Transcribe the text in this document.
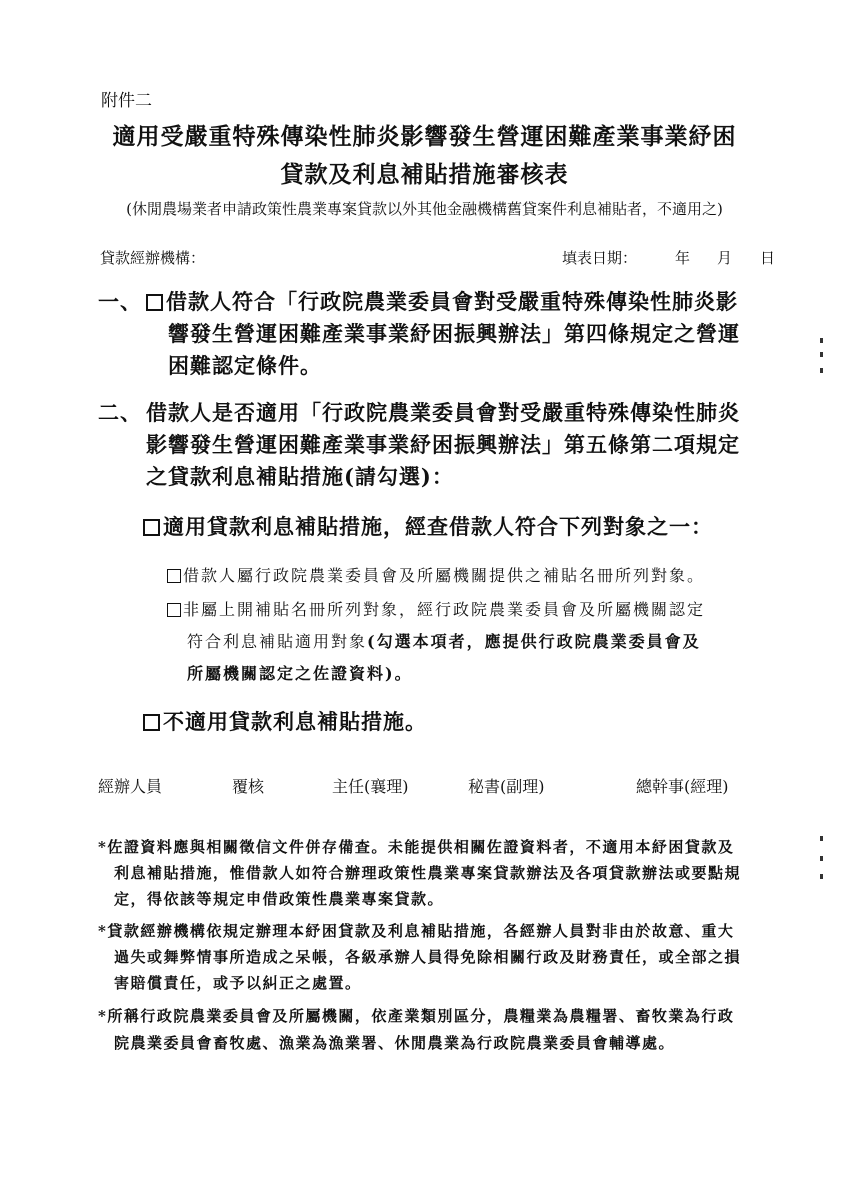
附件二
適用受嚴重特殊傳染性肺炎影響發生營運困難產業事業紓困
貸款及利息補貼措施審核表
(休閒農場業者申請政策性農業專案貸款以外其他金融機構舊貸案件利息補貼者，不適用之)
貸款經辦機構：	填表日期：	年 月 日
一、	借款人符合「行政院農業委員會對受嚴重特殊傳染性肺炎影
響發生營運困難產業事業紓困振興辦法」第四條規定之營運
困難認定條件。
二、 借款人是否適用「行政院農業委員會對受嚴重特殊傳染性肺炎
影響發生營運困難產業事業紓困振興辦法」第五條第二項規定
之貸款利息補貼措施(請勾選)：
適用貸款利息補貼措施，經查借款人符合下列對象之一：
借款人屬行政院農業委員會及所屬機關提供之補貼名冊所列對象。
非屬上開補貼名冊所列對象，經行政院農業委員會及所屬機關認定
符合利息補貼適用對象(勾選本項者，應提供行政院農業委員會及
所屬機關認定之佐證資料)。
不適用貸款利息補貼措施。
經辦人員	覆核	主任(襄理)	秘書(副理)	總幹事(經理)
*佐證資料應與相關徵信文件併存備查。未能提供相關佐證資料者，不適用本紓困貸款及
利息補貼措施，惟借款人如符合辦理政策性農業專案貸款辦法及各項貸款辦法或要點規
定，得依該等規定申借政策性農業專案貸款。
*貸款經辦機構依規定辦理本紓困貸款及利息補貼措施，各經辦人員對非由於故意、重大
過失或舞弊情事所造成之呆帳，各級承辦人員得免除相關行政及財務責任，或全部之損
害賠償責任，或予以糾正之處置。
*所稱行政院農業委員會及所屬機關，依產業類別區分，農糧業為農糧署、畜牧業為行政
院農業委員會畜牧處、漁業為漁業署、休閒農業為行政院農業委員會輔導處。
